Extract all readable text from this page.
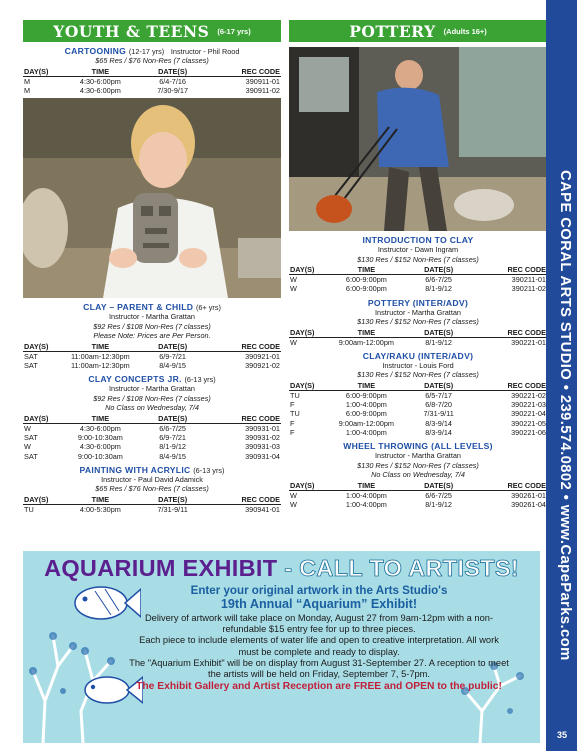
YOUTH & TEENS (6-17 yrs)
CARTOONING (12-17 yrs) Instructor - Phil Rood
$65 Res / $76 Non-Res (7 classes)
DAY(S)	TIME	DATE(S)	REC CODE
M	4:30-6:00pm	6/4-7/16	390911-01
M	4:30-6:00pm	7/30-9/17	390911-02
CLAY – PARENT & CHILD (6+ yrs)
Instructor - Martha Grattan
$92 Res / $108 Non-Res (7 classes)
Please Note: Prices are Per Person.
DAY(S)	TIME	DATE(S)	REC CODE
SAT	11:00am-12:30pm	6/9-7/21	390921-01
SAT	11:00am-12:30pm	8/4-9/15	390921-02
CLAY CONCEPTS JR. (6-13 yrs)
Instructor - Martha Grattan
$92 Res / $108 Non-Res (7 classes)
No Class on Wednesday, 7/4
DAY(S)	TIME	DATE(S)	REC CODE
W	4:30-6:00pm	6/6-7/25	390931-01
SAT	9:00-10:30am	6/9-7/21	390931-02
W	4:30-6:00pm	8/1-9/12	390931-03
SAT	9:00-10:30am	8/4-9/15	390931-04
PAINTING WITH ACRYLIC (6-13 yrs)
Instructor - Paul David Adamick
$65 Res / $76 Non-Res (7 classes)
DAY(S)	TIME	DATE(S)	REC CODE
TU	4:00-5:30pm	7/31-9/11	390941-01
POTTERY (Adults 16+)
INTRODUCTION TO CLAY
Instructor - Dawn Ingram
$130 Res / $152 Non-Res (7 classes)
DAY(S)	TIME	DATE(S)	REC CODE
W	6:00-9:00pm	6/6-7/25	390211-01
W	6:00-9:00pm	8/1-9/12	390211-02
POTTERY (INTER/ADV)
Instructor - Martha Grattan
$130 Res / $152 Non-Res (7 classes)
DAY(S)	TIME	DATE(S)	REC CODE
W	9:00am-12:00pm	8/1-9/12	390221-01
CLAY/RAKU (INTER/ADV)
Instructor - Louis Ford
$130 Res / $152 Non-Res (7 classes)
DAY(S)	TIME	DATE(S)	REC CODE
TU	6:00-9:00pm	6/5-7/17	390221-02
F	1:00-4:00pm	6/8-7/20	390221-03
TU	6:00-9:00pm	7/31-9/11	390221-04
F	9:00am-12:00pm	8/3-9/14	390221-05
F	1:00-4:00pm	8/3-9/14	390221-06
WHEEL THROWING (ALL LEVELS)
Instructor - Martha Grattan
$130 Res / $152 Non-Res (7 classes)
No Class on Wednesday, 7/4
DAY(S)	TIME	DATE(S)	REC CODE
W	1:00-4:00pm	6/6-7/25	390261-01
W	1:00-4:00pm	8/1-9/12	390261-04
AQUARIUM EXHIBIT - CALL TO ARTISTS!
Enter your original artwork in the Arts Studio's
19th Annual “Aquarium” Exhibit!
Delivery of artwork will take place on Monday, August 27 from 9am-12pm with a non-refundable $15 entry fee for up to three pieces.
Each piece to include elements of water life and open to creative interpretation. All work must be complete and ready to display.
The "Aquarium Exhibit" will be on display from August 31-September 27. A reception to meet the artists will be held on Friday, September 7, 5-7pm.
The Exhibit Gallery and Artist Reception are FREE and OPEN to the public!
CAPE CORAL ARTS STUDIO • 239.574.0802 • www.CapeParks.com
35
